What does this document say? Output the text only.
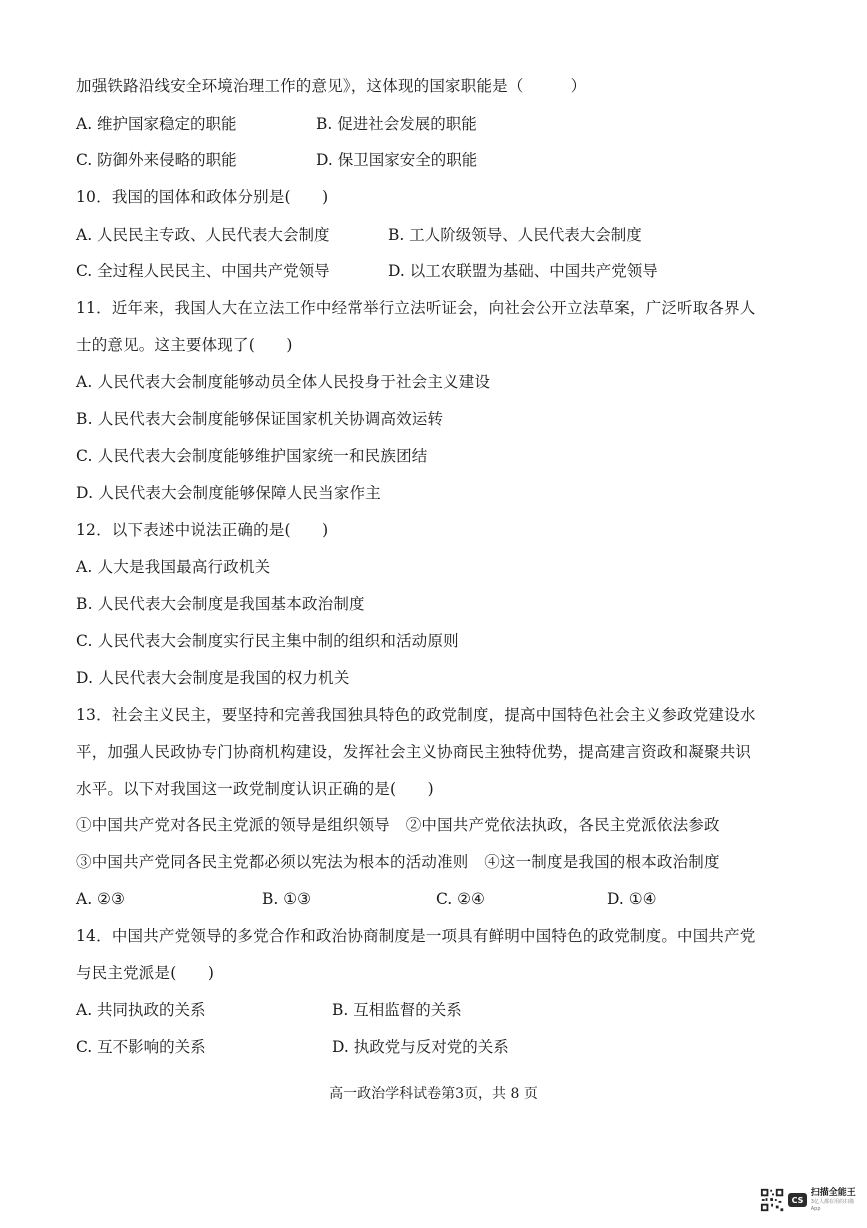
加强铁路沿线安全环境治理工作的意见》，这体现的国家职能是（　　　）
A. 维护国家稳定的职能	B. 促进社会发展的职能
C. 防御外来侵略的职能	D. 保卫国家安全的职能
10．我国的国体和政体分别是(　　)
A. 人民民主专政、人民代表大会制度	B. 工人阶级领导、人民代表大会制度
C. 全过程人民民主、中国共产党领导	D. 以工农联盟为基础、中国共产党领导
11．近年来，我国人大在立法工作中经常举行立法听证会，向社会公开立法草案，广泛听取各界人
士的意见。这主要体现了(　　)
A. 人民代表大会制度能够动员全体人民投身于社会主义建设
B. 人民代表大会制度能够保证国家机关协调高效运转
C. 人民代表大会制度能够维护国家统一和民族团结
D. 人民代表大会制度能够保障人民当家作主
12．以下表述中说法正确的是(　　)
A. 人大是我国最高行政机关
B. 人民代表大会制度是我国基本政治制度
C. 人民代表大会制度实行民主集中制的组织和活动原则
D. 人民代表大会制度是我国的权力机关
13．社会主义民主，要坚持和完善我国独具特色的政党制度，提高中国特色社会主义参政党建设水
平，加强人民政协专门协商机构建设，发挥社会主义协商民主独特优势，提高建言资政和凝聚共识
水平。以下对我国这一政党制度认识正确的是(　　)
①中国共产党对各民主党派的领导是组织领导　②中国共产党依法执政，各民主党派依法参政
③中国共产党同各民主党都必须以宪法为根本的活动准则　④这一制度是我国的根本政治制度
A. ②③	B. ①③	C. ②④	D. ①④
14．中国共产党领导的多党合作和政治协商制度是一项具有鲜明中国特色的政党制度。中国共产党
与民主党派是(　　)
A. 共同执政的关系	B. 互相监督的关系
C. 互不影响的关系	D. 执政党与反对党的关系
高一政治学科试卷第3页，共 8 页
CS
扫描全能王
3亿人都在用的扫描App
